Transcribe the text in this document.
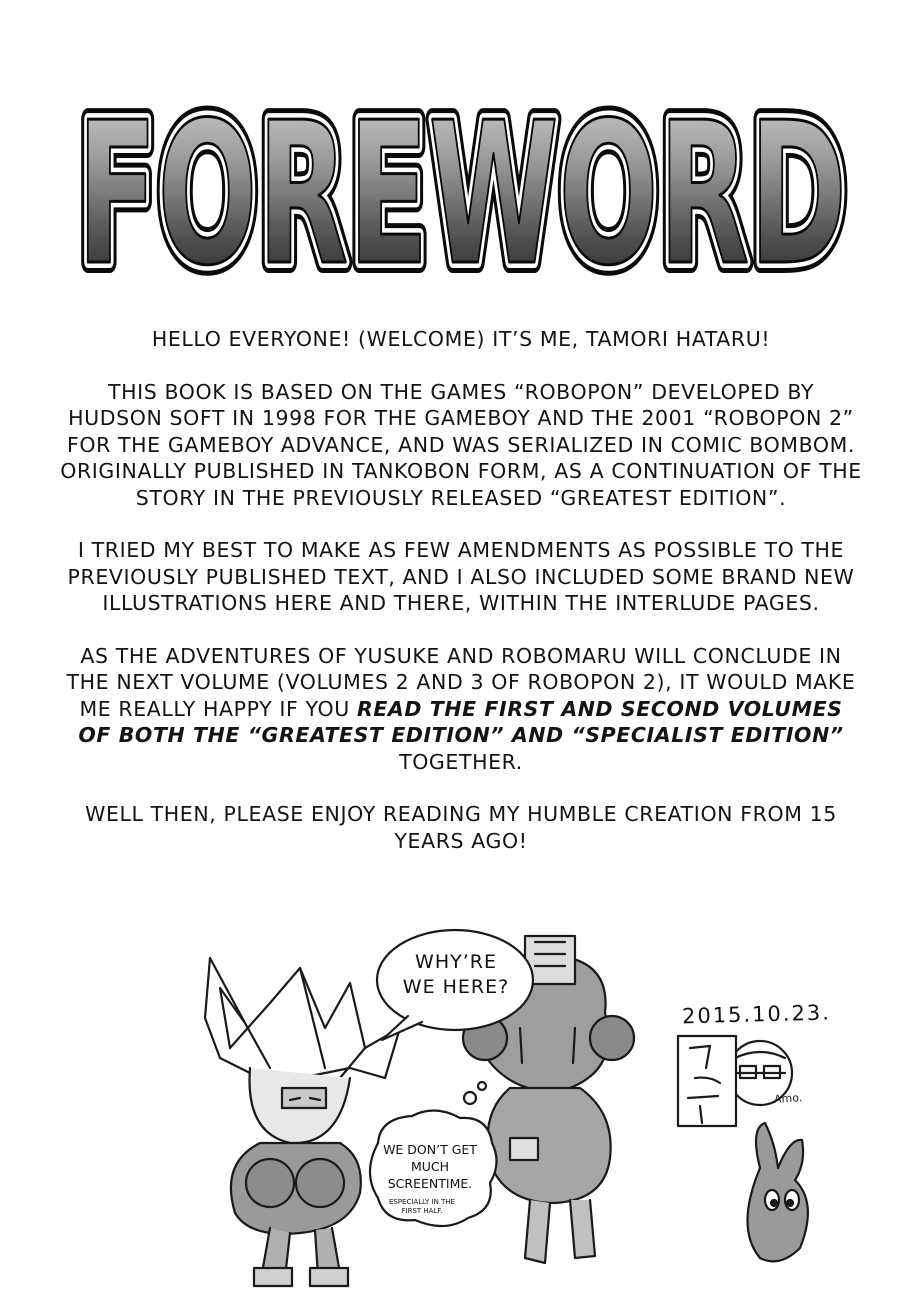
FOREWORD
FOREWORD
FOREWORD

HELLO EVERYONE! (WELCOME) IT’S ME, TAMORI HATARU!

THIS BOOK IS BASED ON THE GAMES “ROBOPON” DEVELOPED BY HUDSON SOFT IN 1998 FOR THE GAMEBOY AND THE 2001 “ROBOPON 2” FOR THE GAMEBOY ADVANCE, AND WAS SERIALIZED IN COMIC BOMBOM. ORIGINALLY PUBLISHED IN TANKOBON FORM, AS A CONTINUATION OF THE STORY IN THE PREVIOUSLY RELEASED “GREATEST EDITION”.

I TRIED MY BEST TO MAKE AS FEW AMENDMENTS AS POSSIBLE TO THE PREVIOUSLY PUBLISHED TEXT, AND I ALSO INCLUDED SOME BRAND NEW ILLUSTRATIONS HERE AND THERE, WITHIN THE INTERLUDE PAGES.

AS THE ADVENTURES OF YUSUKE AND ROBOMARU WILL CONCLUDE IN THE NEXT VOLUME (VOLUMES 2 AND 3 OF ROBOPON 2), IT WOULD MAKE ME REALLY HAPPY IF YOU READ THE FIRST AND SECOND VOLUMES OF BOTH THE “GREATEST EDITION” AND “SPECIALIST EDITION” TOGETHER.

WELL THEN, PLEASE ENJOY READING MY HUMBLE CREATION FROM 15 YEARS AGO!

WHY’RE WE HERE?
WE DON’T GET MUCH SCREENTIME.
ESPECIALLY IN THE FIRST HALF.
2015.10.23.
Amo.
